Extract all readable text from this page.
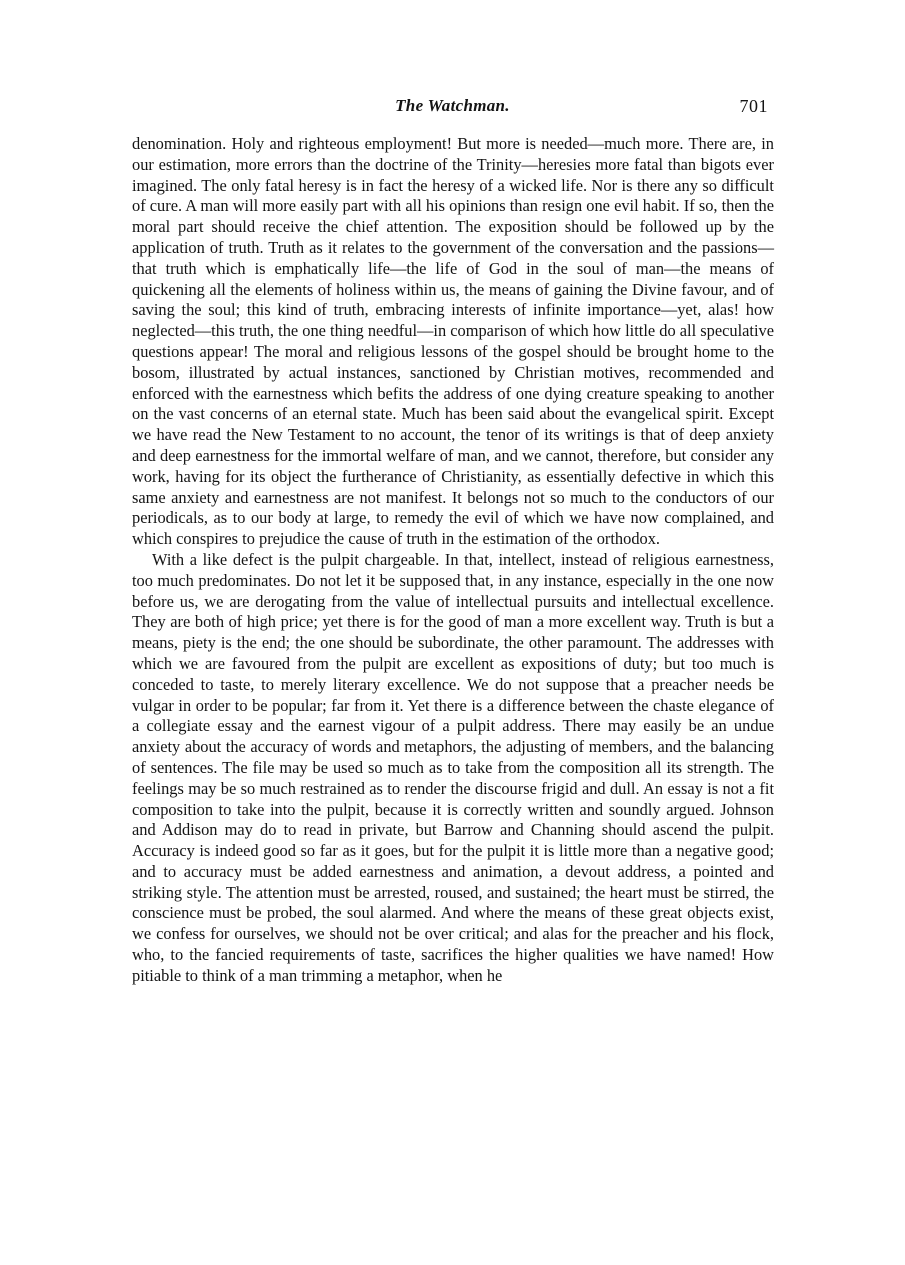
The Watchman.	701

denomination. Holy and righteous employment! But more is needed—much more. There are, in our estimation, more errors than the doctrine of the Trinity—heresies more fatal than bigots ever imagined. The only fatal heresy is in fact the heresy of a wicked life. Nor is there any so difficult of cure. A man will more easily part with all his opinions than resign one evil habit. If so, then the moral part should receive the chief attention. The exposition should be followed up by the application of truth. Truth as it relates to the government of the conversation and the passions—that truth which is emphatically life—the life of God in the soul of man—the means of quickening all the elements of holiness within us, the means of gaining the Divine favour, and of saving the soul; this kind of truth, embracing interests of infinite importance—yet, alas! how neglected—this truth, the one thing needful—in comparison of which how little do all speculative questions appear! The moral and religious lessons of the gospel should be brought home to the bosom, illustrated by actual instances, sanctioned by Christian motives, recommended and enforced with the earnestness which befits the address of one dying creature speaking to another on the vast concerns of an eternal state. Much has been said about the evangelical spirit. Except we have read the New Testament to no account, the tenor of its writings is that of deep anxiety and deep earnestness for the immortal welfare of man, and we cannot, therefore, but consider any work, having for its object the furtherance of Christianity, as essentially defective in which this same anxiety and earnestness are not manifest. It belongs not so much to the conductors of our periodicals, as to our body at large, to remedy the evil of which we have now complained, and which conspires to prejudice the cause of truth in the estimation of the orthodox.

With a like defect is the pulpit chargeable. In that, intellect, instead of religious earnestness, too much predominates. Do not let it be supposed that, in any instance, especially in the one now before us, we are derogating from the value of intellectual pursuits and intellectual excellence. They are both of high price; yet there is for the good of man a more excellent way. Truth is but a means, piety is the end; the one should be subordinate, the other paramount. The addresses with which we are favoured from the pulpit are excellent as expositions of duty; but too much is conceded to taste, to merely literary excellence. We do not suppose that a preacher needs be vulgar in order to be popular; far from it. Yet there is a difference between the chaste elegance of a collegiate essay and the earnest vigour of a pulpit address. There may easily be an undue anxiety about the accuracy of words and metaphors, the adjusting of members, and the balancing of sentences. The file may be used so much as to take from the composition all its strength. The feelings may be so much restrained as to render the discourse frigid and dull. An essay is not a fit composition to take into the pulpit, because it is correctly written and soundly argued. Johnson and Addison may do to read in private, but Barrow and Channing should ascend the pulpit. Accuracy is indeed good so far as it goes, but for the pulpit it is little more than a negative good; and to accuracy must be added earnestness and animation, a devout address, a pointed and striking style. The attention must be arrested, roused, and sustained; the heart must be stirred, the conscience must be probed, the soul alarmed. And where the means of these great objects exist, we confess for ourselves, we should not be over critical; and alas for the preacher and his flock, who, to the fancied requirements of taste, sacrifices the higher qualities we have named! How pitiable to think of a man trimming a metaphor, when he
